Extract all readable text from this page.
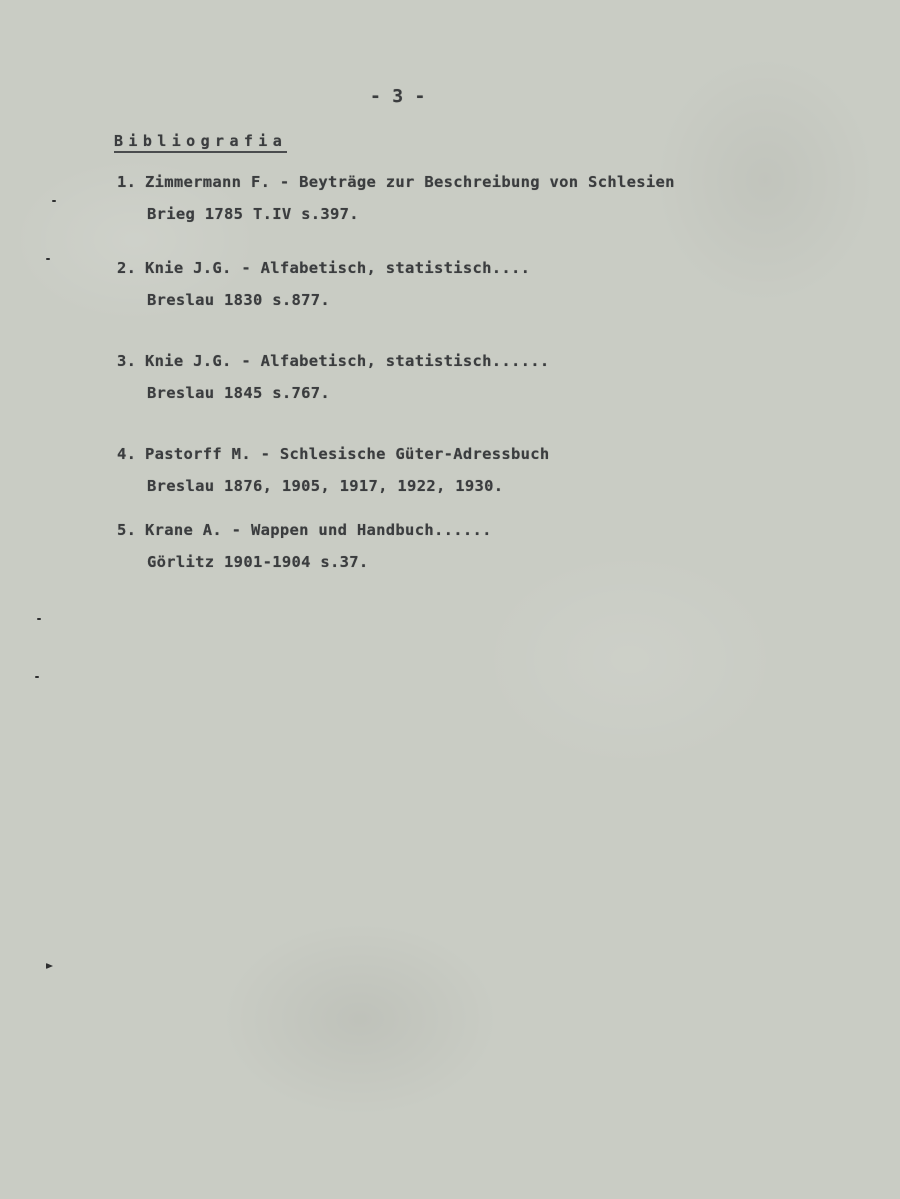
- 3 -
Bibliografia
1. Zimmermann F. - Beyträge zur Beschreibung von Schlesien
Brieg 1785 T.IV s.397.
2. Knie J.G. - Alfabetisch, statistisch....
Breslau 1830 s.877.
3. Knie J.G. - Alfabetisch, statistisch......
Breslau 1845 s.767.
4. Pastorff M. - Schlesische Güter-Adressbuch
Breslau 1876, 1905, 1917, 1922, 1930.
5. Krane A. - Wappen und Handbuch......
Görlitz 1901-1904 s.37.
